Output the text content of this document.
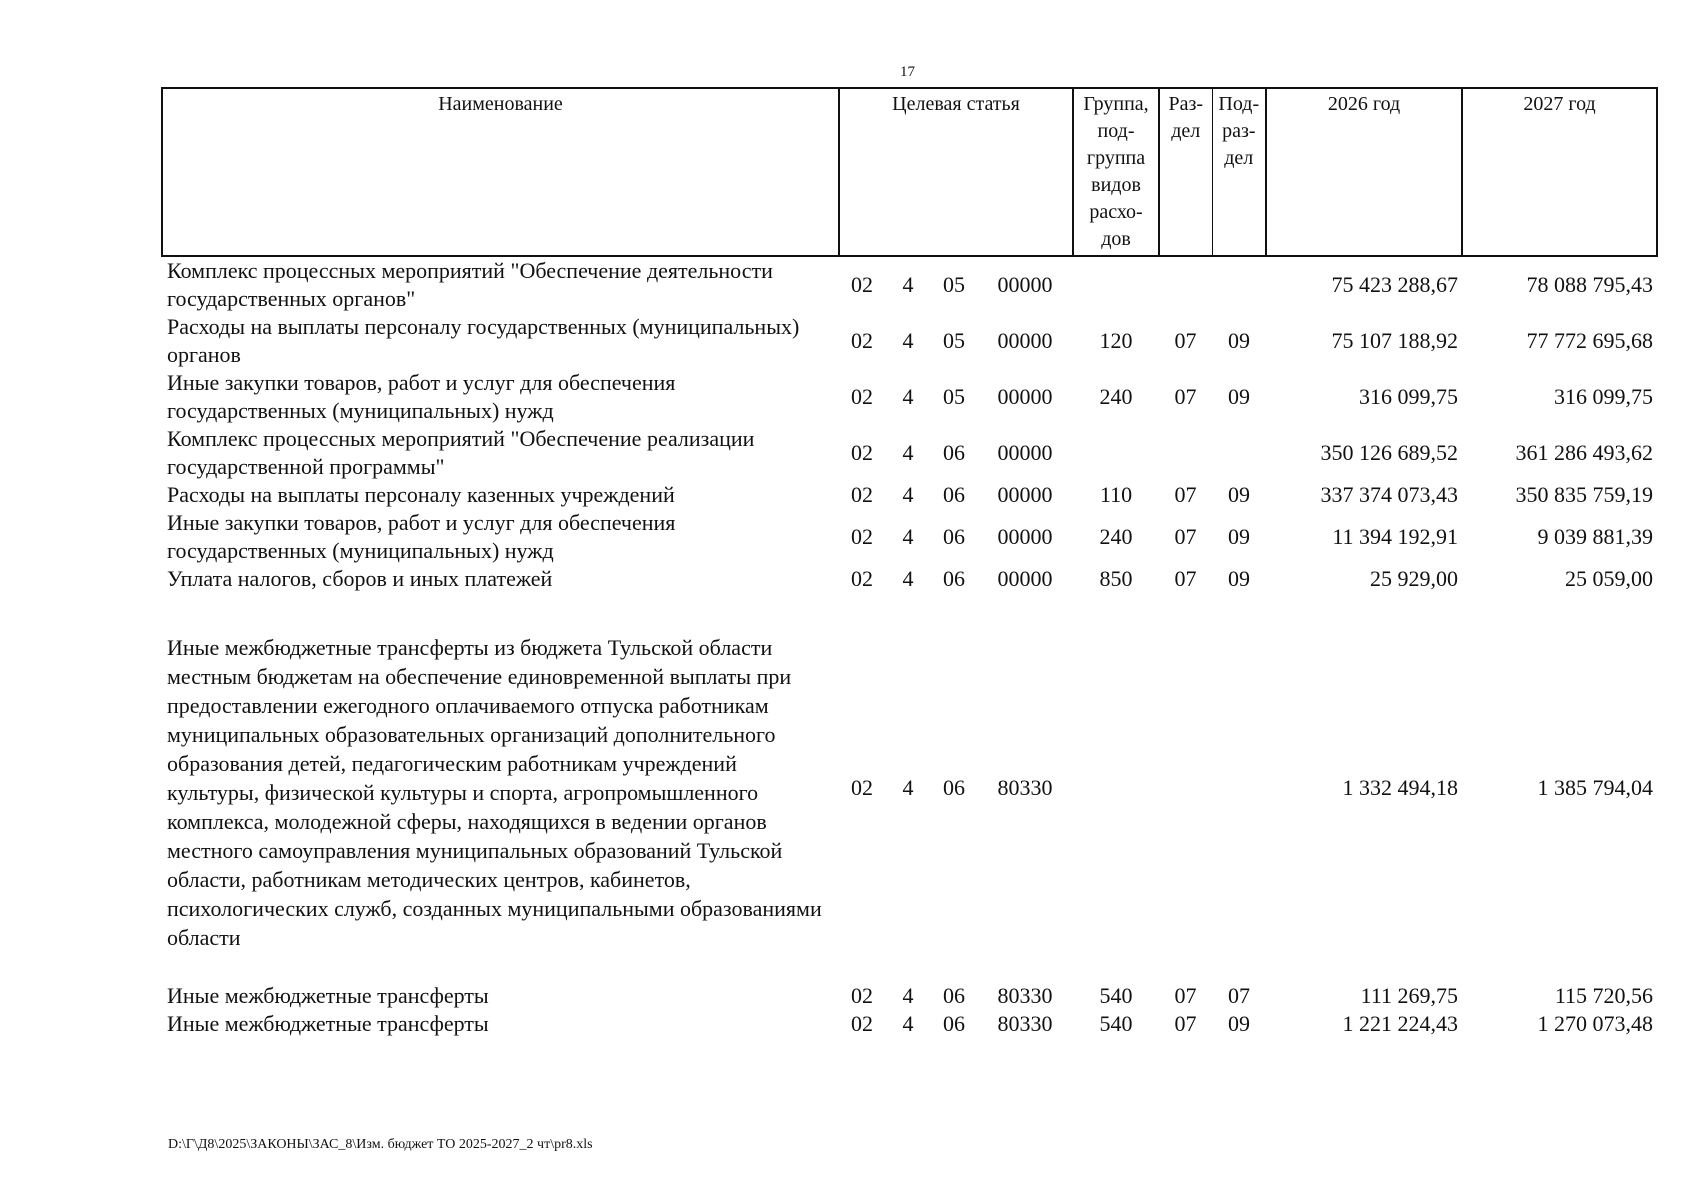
17
Наименование	Целевая статья				Группа, под-группа видов расхо-дов	Раз-дел	Под-раз-дел	2026 год	2027 год
Комплекс процессных мероприятий "Обеспечение деятельности государственных органов"	02	4	05	00000				75 423 288,67	78 088 795,43
Расходы на выплаты персоналу государственных (муниципальных) органов	02	4	05	00000	120	07	09	75 107 188,92	77 772 695,68
Иные закупки товаров, работ и услуг для обеспечения государственных (муниципальных) нужд	02	4	05	00000	240	07	09	316 099,75	316 099,75
Комплекс процессных мероприятий "Обеспечение реализации государственной программы"	02	4	06	00000				350 126 689,52	361 286 493,62
Расходы на выплаты персоналу казенных учреждений	02	4	06	00000	110	07	09	337 374 073,43	350 835 759,19
Иные закупки товаров, работ и услуг для обеспечения государственных (муниципальных) нужд	02	4	06	00000	240	07	09	11 394 192,91	9 039 881,39
Уплата налогов, сборов и иных платежей	02	4	06	00000	850	07	09	25 929,00	25 059,00
Иные межбюджетные трансферты из бюджета Тульской области местным бюджетам на обеспечение единовременной выплаты при предоставлении ежегодного оплачиваемого отпуска работникам муниципальных образовательных организаций дополнительного образования детей, педагогическим работникам учреждений культуры, физической культуры и спорта, агропромышленного комплекса, молодежной сферы, находящихся в ведении органов местного самоуправления муниципальных образований Тульской области, работникам методических центров, кабинетов, психологических служб, созданных муниципальными образованиями области	02	4	06	80330				1 332 494,18	1 385 794,04
Иные межбюджетные трансферты	02	4	06	80330	540	07	07	111 269,75	115 720,56
Иные межбюджетные трансферты	02	4	06	80330	540	07	09	1 221 224,43	1 270 073,48
D:\Г\Д8\2025\ЗАКОНЫ\ЗАС_8\Изм. бюджет ТО 2025-2027_2 чт\pr8.xls
